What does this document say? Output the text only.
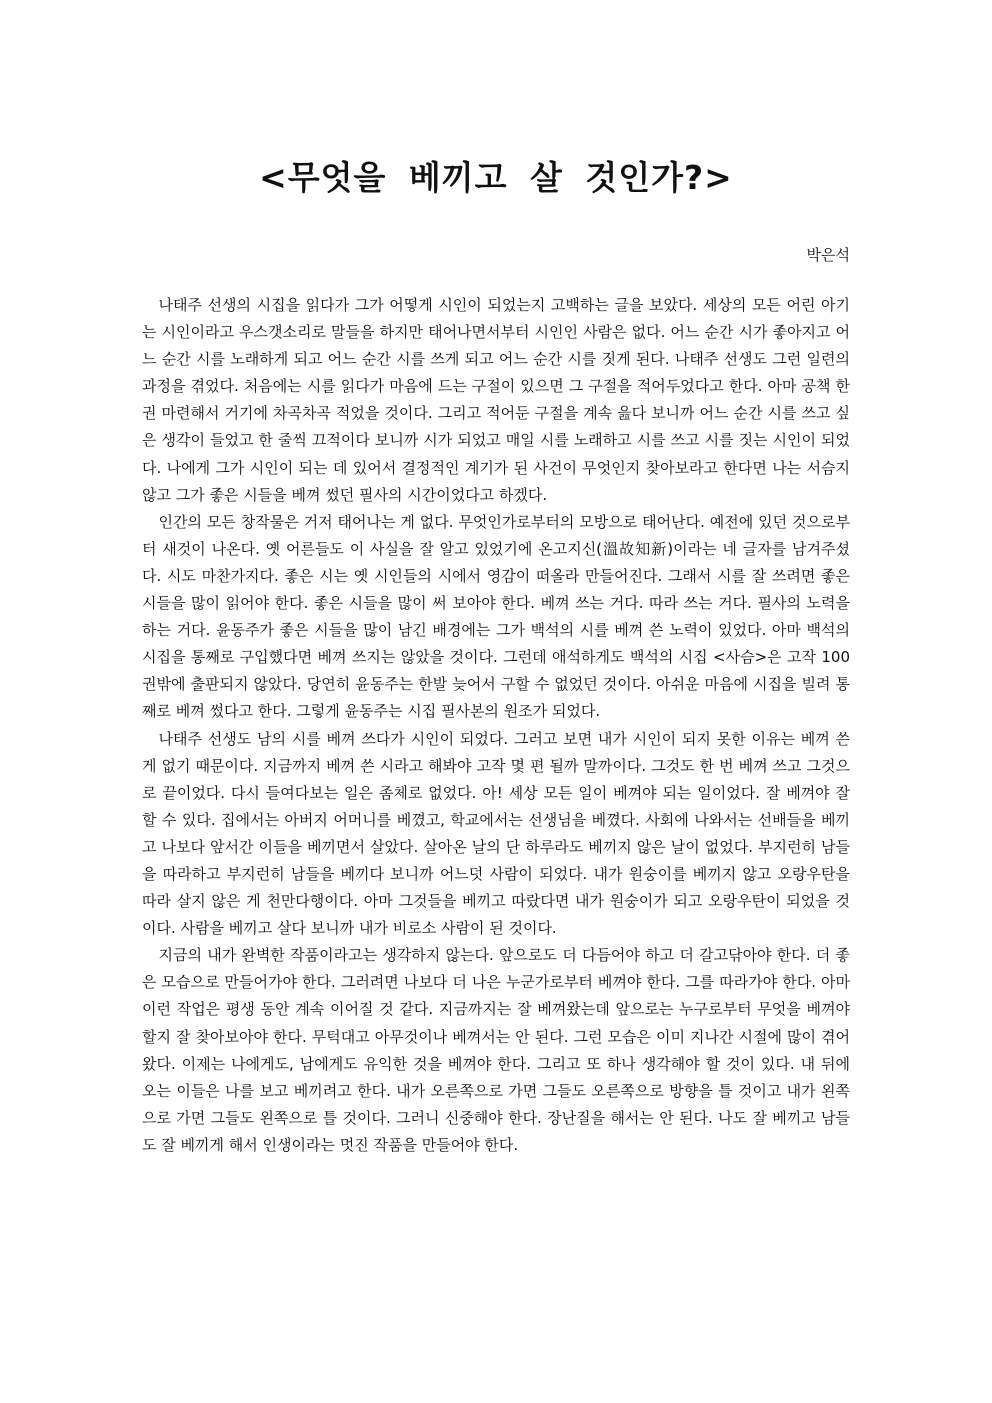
<무엇을 베끼고 살 것인가?>
박은석

나태주 선생의 시집을 읽다가 그가 어떻게 시인이 되었는지 고백하는 글을 보았다. 세상의 모든 어린 아기는 시인이라고 우스갯소리로 말들을 하지만 태어나면서부터 시인인 사람은 없다. 어느 순간 시가 좋아지고 어느 순간 시를 노래하게 되고 어느 순간 시를 쓰게 되고 어느 순간 시를 짓게 된다. 나태주 선생도 그런 일련의 과정을 겪었다. 처음에는 시를 읽다가 마음에 드는 구절이 있으면 그 구절을 적어두었다고 한다. 아마 공책 한 권 마련해서 거기에 차곡차곡 적었을 것이다. 그리고 적어둔 구절을 계속 읊다 보니까 어느 순간 시를 쓰고 싶은 생각이 들었고 한 줄씩 끄적이다 보니까 시가 되었고 매일 시를 노래하고 시를 쓰고 시를 짓는 시인이 되었다. 나에게 그가 시인이 되는 데 있어서 결정적인 계기가 된 사건이 무엇인지 찾아보라고 한다면 나는 서슴지 않고 그가 좋은 시들을 베껴 썼던 필사의 시간이었다고 하겠다.

인간의 모든 창작물은 거저 태어나는 게 없다. 무엇인가로부터의 모방으로 태어난다. 예전에 있던 것으로부터 새것이 나온다. 옛 어른들도 이 사실을 잘 알고 있었기에 온고지신(溫故知新)이라는 네 글자를 남겨주셨다. 시도 마찬가지다. 좋은 시는 옛 시인들의 시에서 영감이 떠올라 만들어진다. 그래서 시를 잘 쓰려면 좋은 시들을 많이 읽어야 한다. 좋은 시들을 많이 써 보아야 한다. 베껴 쓰는 거다. 따라 쓰는 거다. 필사의 노력을 하는 거다. 윤동주가 좋은 시들을 많이 남긴 배경에는 그가 백석의 시를 베껴 쓴 노력이 있었다. 아마 백석의 시집을 통째로 구입했다면 베껴 쓰지는 않았을 것이다. 그런데 애석하게도 백석의 시집 <사슴>은 고작 100권밖에 출판되지 않았다. 당연히 윤동주는 한발 늦어서 구할 수 없었던 것이다. 아쉬운 마음에 시집을 빌려 통째로 베껴 썼다고 한다. 그렇게 윤동주는 시집 필사본의 원조가 되었다.

나태주 선생도 남의 시를 베껴 쓰다가 시인이 되었다. 그러고 보면 내가 시인이 되지 못한 이유는 베껴 쓴 게 없기 때문이다. 지금까지 베껴 쓴 시라고 해봐야 고작 몇 편 될까 말까이다. 그것도 한 번 베껴 쓰고 그것으로 끝이었다. 다시 들여다보는 일은 좀체로 없었다. 아! 세상 모든 일이 베껴야 되는 일이었다. 잘 베껴야 잘 할 수 있다. 집에서는 아버지 어머니를 베꼈고, 학교에서는 선생님을 베꼈다. 사회에 나와서는 선배들을 베끼고 나보다 앞서간 이들을 베끼면서 살았다. 살아온 날의 단 하루라도 베끼지 않은 날이 없었다. 부지런히 남들을 따라하고 부지런히 남들을 베끼다 보니까 어느덧 사람이 되었다. 내가 원숭이를 베끼지 않고 오랑우탄을 따라 살지 않은 게 천만다행이다. 아마 그것들을 베끼고 따랐다면 내가 원숭이가 되고 오랑우탄이 되었을 것이다. 사람을 베끼고 살다 보니까 내가 비로소 사람이 된 것이다.

지금의 내가 완벽한 작품이라고는 생각하지 않는다. 앞으로도 더 다듬어야 하고 더 갈고닦아야 한다. 더 좋은 모습으로 만들어가야 한다. 그러려면 나보다 더 나은 누군가로부터 베껴야 한다. 그를 따라가야 한다. 아마 이런 작업은 평생 동안 계속 이어질 것 같다. 지금까지는 잘 베껴왔는데 앞으로는 누구로부터 무엇을 베껴야 할지 잘 찾아보아야 한다. 무턱대고 아무것이나 베껴서는 안 된다. 그런 모습은 이미 지나간 시절에 많이 겪어왔다. 이제는 나에게도, 남에게도 유익한 것을 베껴야 한다. 그리고 또 하나 생각해야 할 것이 있다. 내 뒤에 오는 이들은 나를 보고 베끼려고 한다. 내가 오른쪽으로 가면 그들도 오른쪽으로 방향을 틀 것이고 내가 왼쪽으로 가면 그들도 왼쪽으로 틀 것이다. 그러니 신중해야 한다. 장난질을 해서는 안 된다. 나도 잘 베끼고 남들도 잘 베끼게 해서 인생이라는 멋진 작품을 만들어야 한다.
